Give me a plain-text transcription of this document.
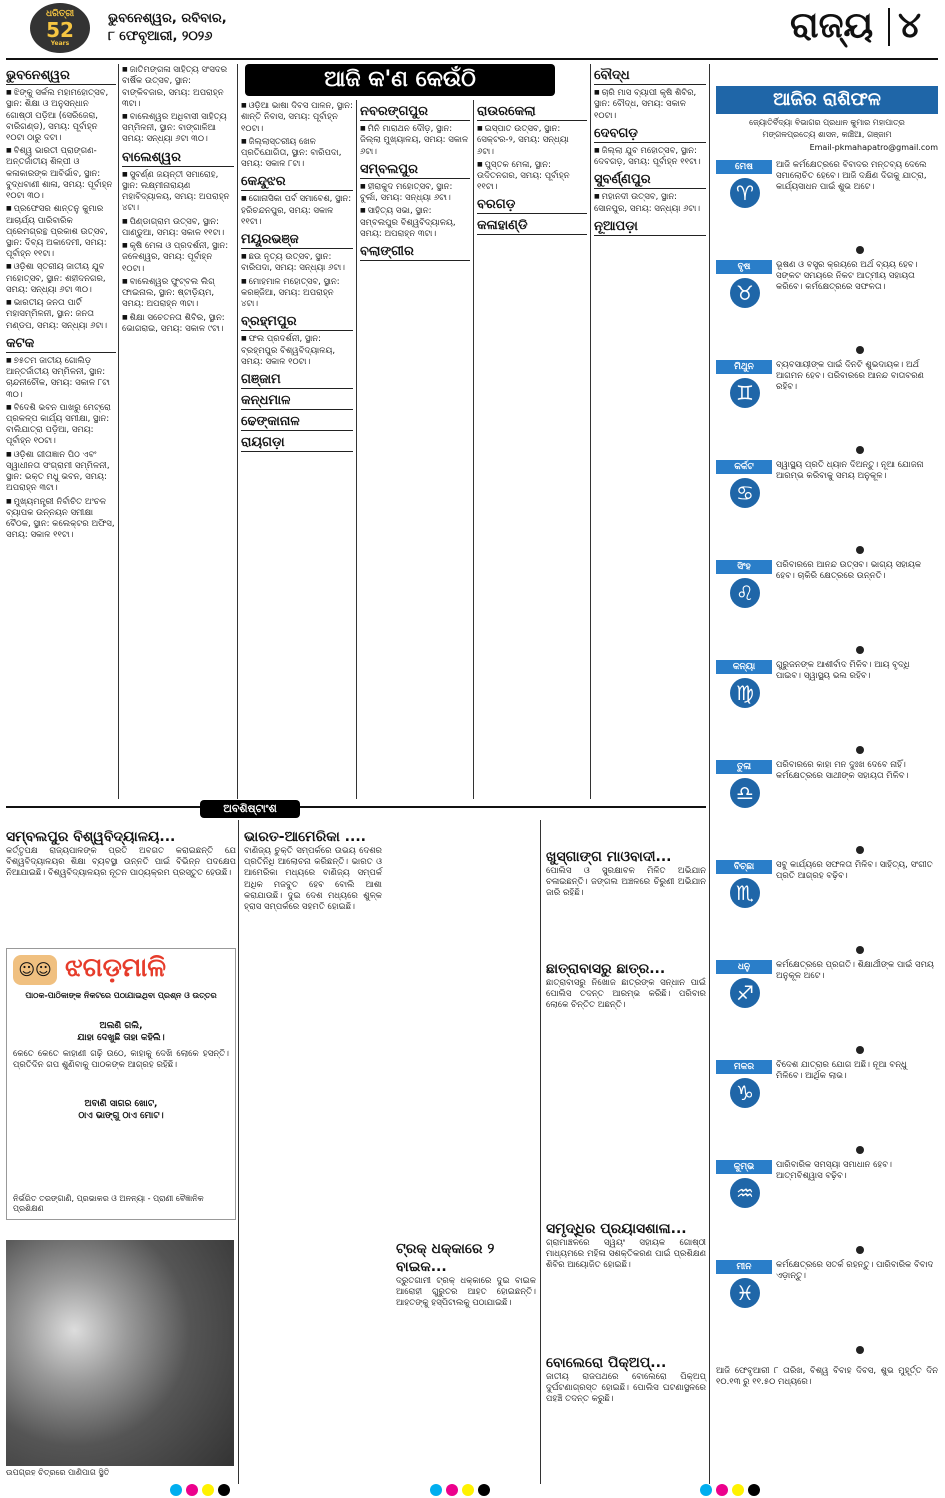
ଧରିତ୍ରୀ
52
Years
ଭୁବନେଶ୍ୱର, ରବିବାର,
୮ ଫେବୃଆରୀ, ୨୦୨୬	ରାଜ୍ୟ ୪
ଆଜି କ'ଣ କେଉଁଠି
ଭୁବନେଶ୍ୱର
■ ଝିଙ୍କୁ ସର୍କଲ ମହାମହୋତ୍ସବ, ସ୍ଥାନ: ଶିକ୍ଷା ଓ ଅନୁସନ୍ଧାନ ଗୋଷ୍ଠୀ ପଡ଼ିଆ (ସେରିଜେରା, ବାରିଗଣ୍ଡ), ସମୟ: ପୂର୍ବାହ୍ନ ୧୦ଟା ଠାରୁ ଦଟା।
■ ବିଶ୍ୱ ଭାରତୀ ପ୍ରାଙ୍ଗଣ- ଅନ୍ତର୍ଜାତୀୟ ଶିଳ୍ପୀ ଓ କଳାକାରଙ୍କ ଆବିର୍ଭାବ, ସ୍ଥାନ: ବୁଦ୍ଧବାଣୀ ଶାଳା, ସମୟ: ପୂର୍ବାହ୍ନ ୧୦ଟା ୩୦।
■ ପ୍ରଫେସର ଶାନ୍ତନୁ କୁମାର ଆଚାର୍ଯ୍ୟ ପାରିବାରିକ ପ୍ରେମଗ୍ରନ୍ଥ ପ୍ରକାଶ ଉତ୍ସବ, ସ୍ଥାନ: ଦିବ୍ୟ ଅକାଦେମୀ, ସମୟ: ପୂର୍ବାହ୍ନ ୧୧ଟା।
■ ଓଡ଼ିଶା ସ୍ତରୀୟ ଜାତୀୟ ଯୁବ ମହୋତ୍ସବ, ସ୍ଥାନ: ଶହୀଦନଗର, ସମୟ: ସନ୍ଧ୍ୟା ୬ଟା ୩୦।
■ ଭାରତୀୟ ଜନତା ପାର୍ଟି ମହାସମ୍ମିଳନୀ, ସ୍ଥାନ: ଜନତା ମଣ୍ଡପ, ସମୟ: ସନ୍ଧ୍ୟା ୬ଟା।
କଟକ
■ ୭୫ତମ ଜାତୀୟ ଗୋଲିଡ଼ ଆନ୍ତର୍ଜାତୀୟ ସମ୍ମିଳନୀ, ସ୍ଥାନ: ଚାନ୍ଦନୀଚୌକ, ସମୟ: ସକାଳ ୮ଟା ୩୦।
■ ବିଦେଶି ଭବନ ପାଖରୁ ମେଟ୍ରୋ ପ୍ରକଳ୍ପ କାର୍ଯ୍ୟ ସମୀକ୍ଷା, ସ୍ଥାନ: ବାଲିଯାତ୍ରା ପଡ଼ିଆ, ସମୟ: ପୂର୍ବାହ୍ନ ୧୦ଟା।
■ ଓଡ଼ିଶା ଗୀତାଜ୍ଞାନ ପିଠ ଏବଂ ସ୍ୱାଧୀନତା ସଂଗ୍ରାମୀ ସମ୍ମିଳନୀ, ସ୍ଥାନ: ଭକ୍ତ ମଧୁ ଭବନ, ସମୟ: ଅପରାହ୍ନ ୩ଟା।
■ ମୁଖ୍ୟମନ୍ତ୍ରୀ ନିର୍ବାଚିତ ଅଂଚଳ ବ୍ୟାପକ ଉନ୍ନୟନ ସମୀକ୍ଷା ବୈଠକ, ସ୍ଥାନ: କଲେକ୍ଟର ଅଫିସ, ସମୟ: ସକାଳ ୧୧ଟା।
■ ଜାତିମଙ୍ଗଳା ସାହିତ୍ୟ ସଂସଦର ବାର୍ଷିକ ଉତ୍ସବ, ସ୍ଥାନ: ବାଙ୍କିବଜାର, ସମୟ: ଅପରାହ୍ନ ୩ଟା।
■ ବାଲେଶ୍ୱର ଅଧିବାସୀ ସାହିତ୍ୟ ସମ୍ମିଳନୀ, ସ୍ଥାନ: ବାଙ୍ଗାଳିଆ ସମୟ: ସନ୍ଧ୍ୟା ୬ଟା ୩୦।
ବାଲେଶ୍ୱର
■ ସୁବର୍ଣ୍ଣ ଜୟନ୍ତୀ ସମାରୋହ, ସ୍ଥାନ: ଲକ୍ଷ୍ମୀନାରାୟଣ ମହାବିଦ୍ୟାଳୟ, ସମୟ: ଅପରାହ୍ନ ୪ଟା।
■ ପିଣ୍ଡାଗ୍ରାମ ଉତ୍ସବ, ସ୍ଥାନ: ପାଣ୍ଡୁଆ, ସମୟ: ସକାଳ ୧୧ଟା।
■ କୃଷି ମେଳା ଓ ପ୍ରଦର୍ଶନୀ, ସ୍ଥାନ: ଜଳେଶ୍ୱର, ସମୟ: ପୂର୍ବାହ୍ନ ୧୦ଟା।
■ ବାଲେଶ୍ୱର ଫୁଟ୍‌ବଲ ଲିଗ୍ ଫାଇନାଲ, ସ୍ଥାନ: ଷ୍ଟାଡ଼ିୟମ, ସମୟ: ଅପରାହ୍ନ ୩ଟା।
■ ଶିକ୍ଷା ସଚେତନତା ଶିବିର, ସ୍ଥାନ: ଭୋଗରାଇ, ସମୟ: ସକାଳ ୯ଟା।
■ ଓଡ଼ିଆ ଭାଷା ଦିବସ ପାଳନ, ସ୍ଥାନ: ଶାନ୍ତି ନିବାସ, ସମୟ: ପୂର୍ବାହ୍ନ ୧୦ଟା।
■ ଜିଲ୍ଲାସ୍ତରୀୟ ଖେଳ ପ୍ରତିଯୋଗିତା, ସ୍ଥାନ: ବାରିପଦା, ସମୟ: ସକାଳ ୮ଟା।
କେନ୍ଦୁଝର
■ ଗୋନାସିକା ପର୍ବ ସମାବେଶ, ସ୍ଥାନ: ହରିଚନ୍ଦନପୁର, ସମୟ: ସକାଳ ୧୧ଟା।
ମୟୂରଭଞ୍ଜ
■ ଛଉ ନୃତ୍ୟ ଉତ୍ସବ, ସ୍ଥାନ: ବାରିପଦା, ସମୟ: ସନ୍ଧ୍ୟା ୬ଟା।
■ ମୋହମାଳ ମହୋତ୍ସବ, ସ୍ଥାନ: କରଞ୍ଜିଆ, ସମୟ: ଅପରାହ୍ନ ୪ଟା।
ବ୍ରହ୍ମପୁର
■ ଫଲ ପ୍ରଦର୍ଶନୀ, ସ୍ଥାନ: ବ୍ରହ୍ମପୁର ବିଶ୍ୱବିଦ୍ୟାଳୟ, ସମୟ: ସକାଳ ୧୦ଟା।
ଗଞ୍ଜାମ
କନ୍ଧମାଳ
ଢେଙ୍କାନାଳ
ରାୟଗଡ଼ା
ନବରଙ୍ଗପୁର
■ ମିନି ମାରାଥନ ଦୌଡ଼, ସ୍ଥାନ: ଜିଲ୍ଲା ମୁଖ୍ୟାଳୟ, ସମୟ: ସକାଳ ୬ଟା।
ସମ୍ବଲପୁର
■ ହୀରାକୁଦ ମହୋତ୍ସବ, ସ୍ଥାନ: ବୁର୍ଲା, ସମୟ: ସନ୍ଧ୍ୟା ୬ଟା।
■ ସାହିତ୍ୟ ସଭା, ସ୍ଥାନ: ସମ୍ବଲପୁର ବିଶ୍ୱବିଦ୍ୟାଳୟ, ସମୟ: ଅପରାହ୍ନ ୩ଟା।
ବଲାଙ୍ଗୀର
ରାଉରକେଲା
■ ଇସ୍ପାତ ଉତ୍ସବ, ସ୍ଥାନ: ସେକ୍ଟର-୨, ସମୟ: ସନ୍ଧ୍ୟା ୬ଟା।
■ ପୁସ୍ତକ ମେଳା, ସ୍ଥାନ: ଉଦିତନଗର, ସମୟ: ପୂର୍ବାହ୍ନ ୧୧ଟା।
ବରଗଡ଼
କଳାହାଣ୍ଡି
ବୌଦ୍ଧ
■ ଚାରି ମାସ ବ୍ୟାପୀ କୃଷି ଶିବିର, ସ୍ଥାନ: ବୌଦ୍ଧ, ସମୟ: ସକାଳ ୧୦ଟା।
ଦେବଗଡ଼
■ ଜିଲ୍ଲା ଯୁବ ମହୋତ୍ସବ, ସ୍ଥାନ: ଦେବଗଡ଼, ସମୟ: ପୂର୍ବାହ୍ନ ୧୧ଟା।
ସୁବର୍ଣ୍ଣପୁର
■ ମହାନଦୀ ଉତ୍ସବ, ସ୍ଥାନ: ସୋନପୁର, ସମୟ: ସନ୍ଧ୍ୟା ୬ଟା।
ନୂଆପଡ଼ା
ଆଜିର ରାଶିଫଳ
ଜ୍ୟୋତିର୍ବିଦ୍ୟା ବିଭାଗର ପ୍ରଧାନ କୁମାର ମହାପାତ୍ର
ମଙ୍ଗଳପ୍ରତ୍ୟେ ଶାସନ, କାଞ୍ଚିଆ, ଗଞ୍ଜାମ
Email-pkmahapatro@gmail.com
ମେଷ
♈
ଆଜି କର୍ମକ୍ଷେତ୍ରରେ ବିବାଦର ମନ୍ତବ୍ୟ ଦେଲେ ସମାଲୋଚିତ ହେବେ। ଆଜି ଦକ୍ଷିଣ ଦିଗକୁ ଯାତ୍ରା, କାର୍ଯ୍ୟସାଧନ ପାଇଁ ଶୁଭ ଅଟେ।
ବୃଷ
♉
ଭୂଷଣ ଓ ବସ୍ତ୍ର କ୍ରୟରେ ଅର୍ଥ ବ୍ୟୟ ହେବ। ସଙ୍କଟ ସମୟରେ ନିକଟ ଆତ୍ମୀୟ ସହାୟତା କରିବେ। କର୍ମକ୍ଷେତ୍ରରେ ସଫଳତା।
ମିଥୁନ
♊
ବ୍ୟବସାୟୀଙ୍କ ପାଇଁ ଦିନଟି ଶୁଭଦାୟକ। ଅର୍ଥ ଆଗମନ ହେବ। ପରିବାରରେ ଆନନ୍ଦ ବାତାବରଣ ରହିବ।
କର୍କଟ
♋
ସ୍ୱାସ୍ଥ୍ୟ ପ୍ରତି ଧ୍ୟାନ ଦିଅନ୍ତୁ। ନୂଆ ଯୋଜନା ଆରମ୍ଭ କରିବାକୁ ସମୟ ଅନୁକୂଳ।
ସିଂହ
♌
ପରିବାରରେ ଆନନ୍ଦ ଉତ୍ସବ। ଭାଗ୍ୟ ସହାୟକ ହେବ। ଚାକିରି କ୍ଷେତ୍ରରେ ଉନ୍ନତି।
କନ୍ୟା
♍
ଗୁରୁଜନଙ୍କ ଆଶୀର୍ବାଦ ମିଳିବ। ଆୟ ବୃଦ୍ଧି ପାଇବ। ସ୍ୱାସ୍ଥ୍ୟ ଭଲ ରହିବ।
ତୁଳା
♎
ପରିବାରରେ କାହା ମନ ଦୁଃଖ ଦେବେ ନାହିଁ। କର୍ମକ୍ଷେତ୍ରରେ ସାଥୀଙ୍କ ସହାୟତା ମିଳିବ।
ବିଚ୍ଛା
♏
ସବୁ କାର୍ଯ୍ୟରେ ସଫଳତା ମିଳିବ। ସାହିତ୍ୟ, ସଂଗୀତ ପ୍ରତି ଆଗ୍ରହ ବଢ଼ିବ।
ଧନୁ
♐
କର୍ମକ୍ଷେତ୍ରରେ ପ୍ରଗତି। ଶିକ୍ଷାର୍ଥୀଙ୍କ ପାଇଁ ସମୟ ଅନୁକୂଳ ଅଟେ।
ମକର
♑
ବିଦେଶ ଯାତ୍ରାର ଯୋଗ ଅଛି। ନୂଆ ବନ୍ଧୁ ମିଳିବେ। ଆର୍ଥିକ ଲାଭ।
କୁମ୍ଭ
♒
ପାରିବାରିକ ସମସ୍ୟା ସମାଧାନ ହେବ। ଆତ୍ମବିଶ୍ୱାସ ବଢ଼ିବ।
ମୀନ
♓
କର୍ମକ୍ଷେତ୍ରରେ ସତର୍କ ରହନ୍ତୁ। ପାରିବାରିକ ବିବାଦ ଏଡ଼ାନ୍ତୁ।
ଆଜି ଫେବୃଆରୀ ୮ ତାରିଖ, ବିଶ୍ୱ ବିବାହ ଦିବସ, ଶୁଭ ମୁହୂର୍ତ୍ତ ଦିନ ୧୦.୧୩ ରୁ ୧୧.୫୦ ମଧ୍ୟରେ।
ଅବଶିଷ୍ଟାଂଶ
ସମ୍ବଲପୁର ବିଶ୍ୱବିଦ୍ୟାଳୟ...
କର୍ତ୍ତୃପକ୍ଷ ରାଜ୍ୟପାଳଙ୍କ ପ୍ରତି ଅବଗତ କରାଇଛନ୍ତି ଯେ ବିଶ୍ୱବିଦ୍ୟାଳୟର ଶିକ୍ଷା ବ୍ୟବସ୍ଥା ଉନ୍ନତି ପାଇଁ ବିଭିନ୍ନ ପଦକ୍ଷେପ ନିଆଯାଇଛି। ବିଶ୍ୱବିଦ୍ୟାଳୟର ନୂତନ ପାଠ୍ୟକ୍ରମ ପ୍ରସ୍ତୁତ ହେଉଛି।
☺☺ ଝଗଡ଼ମାଳି
ପାଠକ-ପାଠିକାଙ୍କ ନିକଟରେ ପଠାଯାଇଥିବା ପ୍ରଶ୍ନ ଓ ଉତ୍ତର
ଅଲଣି ଗଲି,
ଯାହା ଦେଖୁଛି ତାହା କହିଲି।
କେତେ କେତେ କାହାଣୀ ଗଢ଼ି ଉଠେ, କାହାକୁ ଦେଖି ଲୋକେ ହସନ୍ତି। ପ୍ରତିଦିନ ଗପ ଶୁଣିବାକୁ ପାଠକଙ୍କ ଆଗ୍ରହ ରହିଛି।
ଅବାଣି ସାଗର ଖୋଟ,
ଠାଏ ଭାଙ୍ଗୁ ଠାଏ ମୋଟ।
ନିର୍ଭରିତ ତରଙ୍ଗାଣି, ପ୍ରଭାକର ଓ ଅନନ୍ୟା - ପ୍ରାଣୀ ବୈଜ୍ଞାନିକ ପ୍ରଶିକ୍ଷଣ
ଉପଗ୍ରହ ଚିତ୍ରରେ ପାଣିପାଗ ସ୍ଥିତି
ଭାରତ-ଆମେରିକା ....
ବାଣିଜ୍ୟ ଚୁକ୍ତି ସମ୍ପର୍କରେ ଉଭୟ ଦେଶର ପ୍ରତିନିଧି ଆଲୋଚନା କରିଛନ୍ତି। ଭାରତ ଓ ଆମେରିକା ମଧ୍ୟରେ ବାଣିଜ୍ୟ ସମ୍ପର୍କ ଅଧିକ ମଜବୁତ ହେବ ବୋଲି ଆଶା କରାଯାଉଛି। ଦୁଇ ଦେଶ ମଧ୍ୟରେ ଶୁଳ୍କ ହ୍ରାସ ସମ୍ପର୍କରେ ସହମତି ହୋଇଛି।
ଟ୍ରକ୍ ଧକ୍କାରେ ୨ ବାଇକ...
ଦ୍ରୁତଗାମୀ ଟ୍ରକ୍ ଧକ୍କାରେ ଦୁଇ ବାଇକ ଆରୋହୀ ଗୁରୁତର ଆହତ ହୋଇଛନ୍ତି। ଆହତଙ୍କୁ ହସ୍ପିଟାଲକୁ ପଠାଯାଇଛି।
ଖୁସ୍‌ଗାଙ୍ଗ ମାଓବାଦୀ...
ପୋଲିସ ଓ ସୁରକ୍ଷାବଳ ମିଳିତ ଅଭିଯାନ ଚଳାଇଛନ୍ତି। ଜଙ୍ଗଲ ଅଞ୍ଚଳରେ ଚିରୁଣୀ ଅଭିଯାନ ଜାରି ରହିଛି।
ଛାତ୍ରାବାସରୁ ଛାତ୍ର...
ଛାତ୍ରାବାସରୁ ନିଖୋଜ ଛାତ୍ରଙ୍କ ସନ୍ଧାନ ପାଇଁ ପୋଲିସ ତଦନ୍ତ ଆରମ୍ଭ କରିଛି। ପରିବାର ଲୋକେ ଚିନ୍ତିତ ଅଛନ୍ତି।
ସମୃଦ୍ଧିର ପ୍ରୟାସଶାଳା...
ଗ୍ରାମାଞ୍ଚଳରେ ସ୍ୱୟଂ ସହାୟକ ଗୋଷ୍ଠୀ ମାଧ୍ୟମରେ ମହିଳା ସଶକ୍ତିକରଣ ପାଇଁ ପ୍ରଶିକ୍ଷଣ ଶିବିର ଆୟୋଜିତ ହୋଇଛି।
ବୋଲେରୋ ପିକ୍‌ଅପ୍...
ଜାତୀୟ ରାଜପଥରେ ବୋଲେରୋ ପିକ୍‌ଅପ୍ ଦୁର୍ଘଟଣାଗ୍ରସ୍ତ ହୋଇଛି। ପୋଲିସ ଘଟଣାସ୍ଥଳରେ ପହଞ୍ଚି ତଦନ୍ତ କରୁଛି।
